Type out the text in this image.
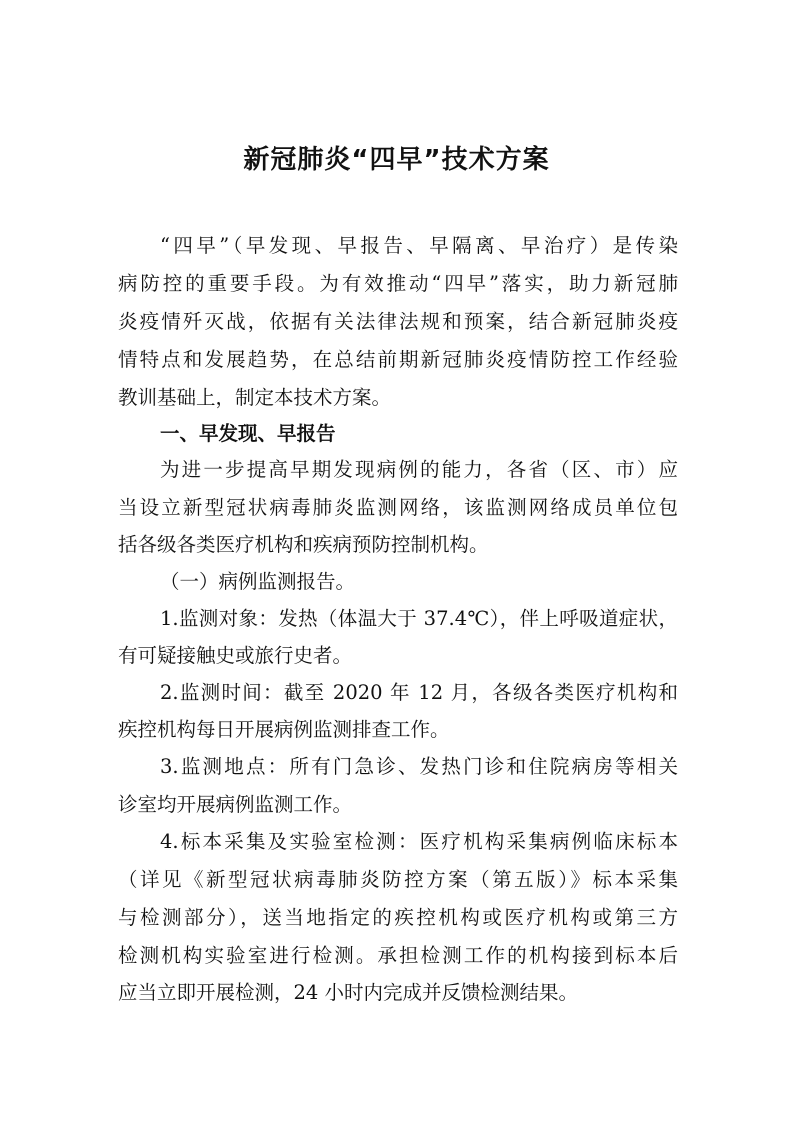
新冠肺炎“四早”技术方案
“四早”（早发现、早报告、早隔离、早治疗）是传染
病防控的重要手段。为有效推动“四早”落实，助力新冠肺
炎疫情歼灭战，依据有关法律法规和预案，结合新冠肺炎疫
情特点和发展趋势，在总结前期新冠肺炎疫情防控工作经验
教训基础上，制定本技术方案。
一、早发现、早报告
为进一步提高早期发现病例的能力，各省（区、市）应
当设立新型冠状病毒肺炎监测网络，该监测网络成员单位包
括各级各类医疗机构和疾病预防控制机构。
（一）病例监测报告。
1.监测对象：发热（体温大于 37.4℃），伴上呼吸道症状，
有可疑接触史或旅行史者。
2.监测时间：截至 2020 年 12 月，各级各类医疗机构和
疾控机构每日开展病例监测排查工作。
3.监测地点：所有门急诊、发热门诊和住院病房等相关
诊室均开展病例监测工作。
4.标本采集及实验室检测：医疗机构采集病例临床标本
（详见《新型冠状病毒肺炎防控方案（第五版）》标本采集
与检测部分），送当地指定的疾控机构或医疗机构或第三方
检测机构实验室进行检测。承担检测工作的机构接到标本后
应当立即开展检测，24 小时内完成并反馈检测结果。
